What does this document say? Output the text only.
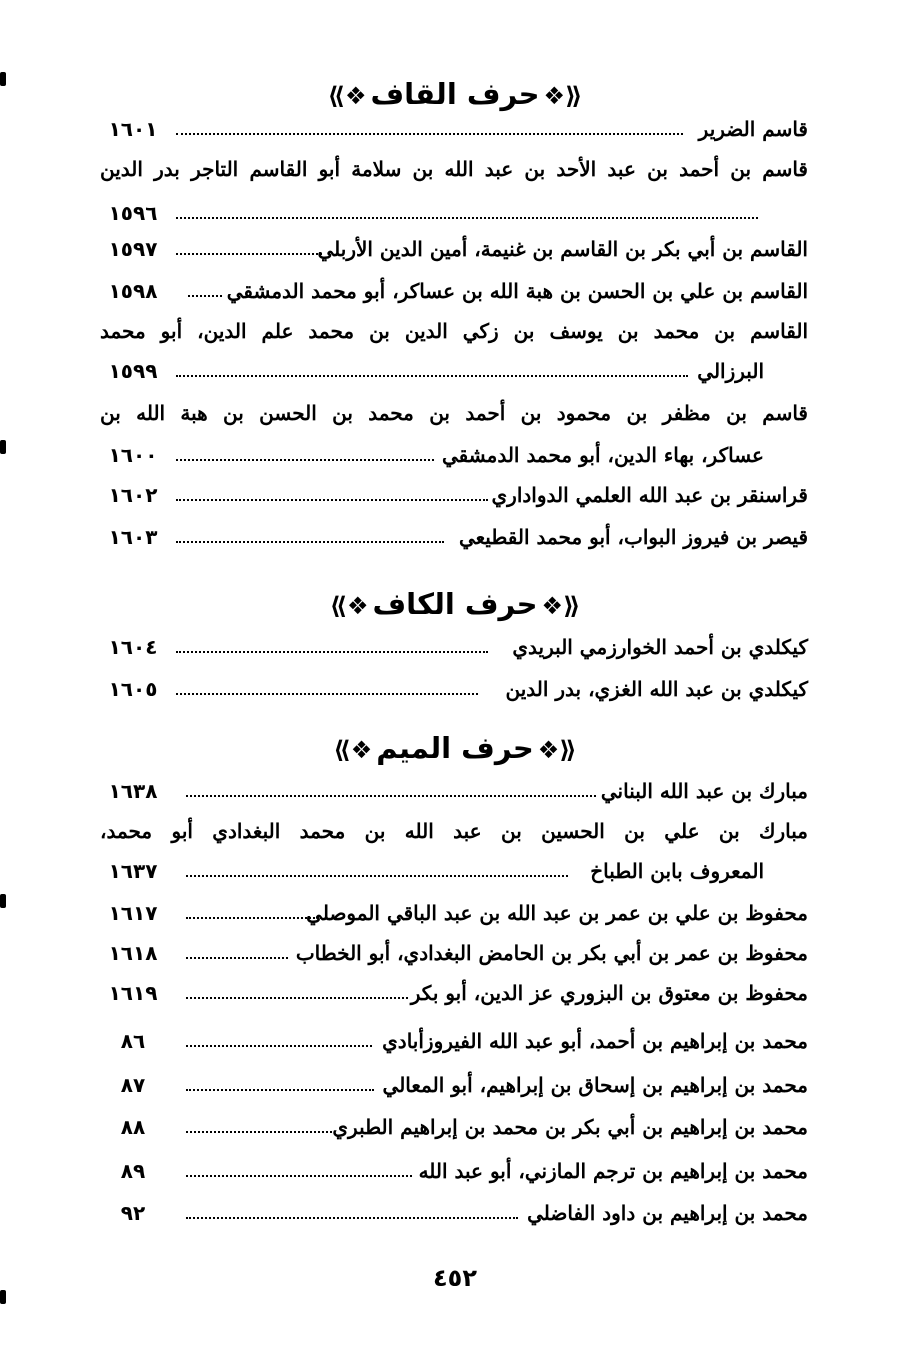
⟪❖حرف القاف❖⟫
قاسم الضرير
١٦٠١
قاسم بن أحمد بن عبد الأحد بن عبد الله بن سلامة أبو القاسم التاجر بدر الدين
١٥٩٦
القاسم بن أبي بكر بن القاسم بن غنيمة، أمين الدين الأربلي
١٥٩٧
القاسم بن علي بن الحسن بن هبة الله بن عساكر، أبو محمد الدمشقي
١٥٩٨
القاسم بن محمد بن يوسف بن زكي الدين بن محمد علم الدين، أبو محمد
البرزالي
١٥٩٩
قاسم بن مظفر بن محمود بن أحمد بن محمد بن الحسن بن هبة الله بن
عساكر، بهاء الدين، أبو محمد الدمشقي
١٦٠٠
قراسنقر بن عبد الله العلمي الدواداري
١٦٠٢
قيصر بن فيروز البواب، أبو محمد القطيعي
١٦٠٣
⟪❖حرف الكاف❖⟫
كيكلدي بن أحمد الخوارزمي البريدي
١٦٠٤
كيكلدي بن عبد الله الغزي، بدر الدين
١٦٠٥
⟪❖حرف الميم❖⟫
مبارك بن عبد الله البناني
١٦٣٨
مبارك بن علي بن الحسين بن عبد الله بن محمد البغدادي أبو محمد،
المعروف بابن الطباخ
١٦٣٧
محفوظ بن علي بن عمر بن عبد الله بن عبد الباقي الموصلي
١٦١٧
محفوظ بن عمر بن أبي بكر بن الحامض البغدادي، أبو الخطاب
١٦١٨
محفوظ بن معتوق بن البزوري عز الدين، أبو بكر
١٦١٩
محمد بن إبراهيم بن أحمد، أبو عبد الله الفيروزأبادي
٨٦
محمد بن إبراهيم بن إسحاق بن إبراهيم، أبو المعالي
٨٧
محمد بن إبراهيم بن أبي بكر بن محمد بن إبراهيم الطبري
٨٨
محمد بن إبراهيم بن ترجم المازني، أبو عبد الله
٨٩
محمد بن إبراهيم بن داود الفاضلي
٩٢
٤٥٢
